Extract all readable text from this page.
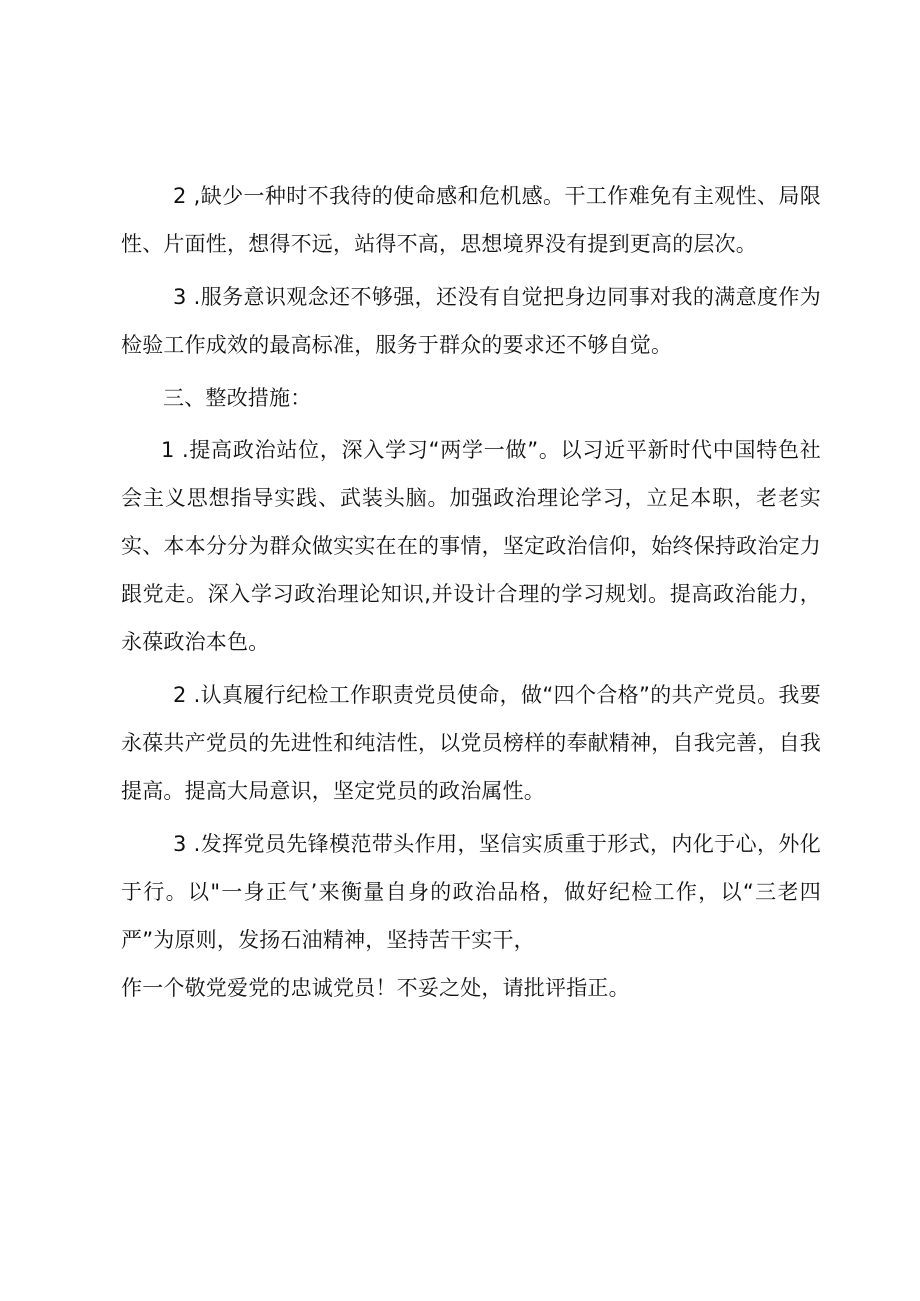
2 ,缺少一种时不我待的使命感和危机感。干工作难免有主观性、局限性、片面性，想得不远，站得不高，思想境界没有提到更高的层次。

3 .服务意识观念还不够强，还没有自觉把身边同事对我的满意度作为检验工作成效的最高标准，服务于群众的要求还不够自觉。

三、整改措施：

1 .提高政治站位，深入学习“两学一做”。以习近平新时代中国特色社会主义思想指导实践、武装头脑。加强政治理论学习，立足本职，老老实实、本本分分为群众做实实在在的事情，坚定政治信仰，始终保持政治定力跟党走。深入学习政治理论知识,并设计合理的学习规划。提高政治能力，永葆政治本色。

2 .认真履行纪检工作职责党员使命，做“四个合格”的共产党员。我要永葆共产党员的先进性和纯洁性，以党员榜样的奉献精神，自我完善，自我提高。提高大局意识，坚定党员的政治属性。

3 .发挥党员先锋模范带头作用，坚信实质重于形式，内化于心，外化于行。以"一身正气’来衡量自身的政治品格，做好纪检工作，以“三老四严”为原则，发扬石油精神，坚持苦干实干，

作一个敬党爱党的忠诚党员！不妥之处，请批评指正。
